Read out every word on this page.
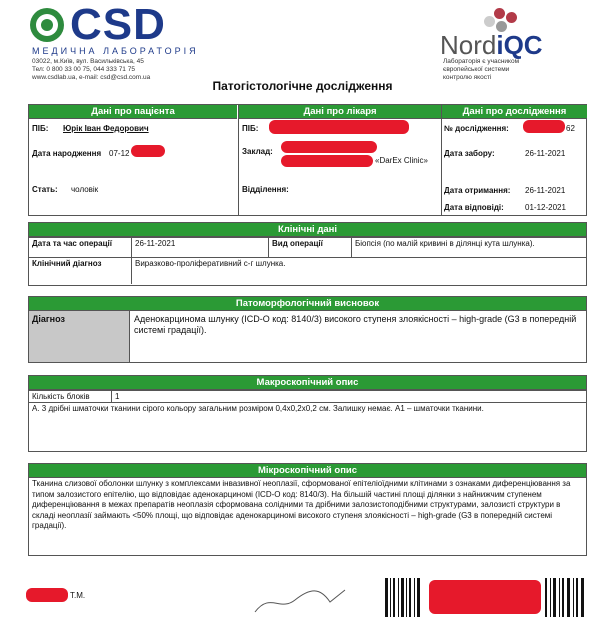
CSD
МЕДИЧНА ЛАБОРАТОРІЯ
03022, м.Київ, вул. Васильківська, 45
Тел: 0 800 33 00 75, 044 333 71 75
www.csdlab.ua, e-mail: csd@csd.com.ua
NordiQC
Лабораторія є учасником
європейської системи
контролю якості
Патогістологічне дослідження
Дані про пацієнта	Дані про лікаря	Дані про дослідження
ПІБ: Юрік Іван Федорович
Дата народження 07-12
Стать: чоловік
ПІБ:
Заклад:
«DarEx Clinic»
Відділення:
№ дослідження:	62
Дата забору:	26-11-2021
Дата отримання: 26-11-2021
Дата відповіді:	01-12-2021
Клінічні дані
Дата та час операції	26-11-2021	Вид операції	Біопсія (по малій кривині в ділянці кута шлунка).
Клінічний діагноз	Виразково-проліферативний с-г шлунка.		
Патоморфологічний висновок
Діагноз	Аденокарцинома шлунку (ICD-O код: 8140/3) високого ступеня злоякісності – high-grade (G3 в попередній системі градації).
Макроскопічний опис
Кількість блоків	1
А. 3 дрібні шматочки тканини сірого кольору загальним розміром 0,4х0,2х0,2 см. Залишку немає. А1 – шматочки тканини.
Мікроскопічний опис
Тканина слизової оболонки шлунку з комплексами інвазивної неоплазії, сформованої епітеліоїдними клітинами з ознаками диференціювання за типом залозистого епітелію, що відповідає аденокарциномі (ICD-O код: 8140/3). На більшій частині площі ділянки з найнижчим ступенем диференціювання в межах препаратів неоплазія сформована солідними та дрібними залозистоподібними структурами, залозисті структури в складі неоплазії займають <50% площі, що відповідає аденокарциномі високого ступеня злоякісності – high-grade (G3 в попередній системі градації).
Т.М.
